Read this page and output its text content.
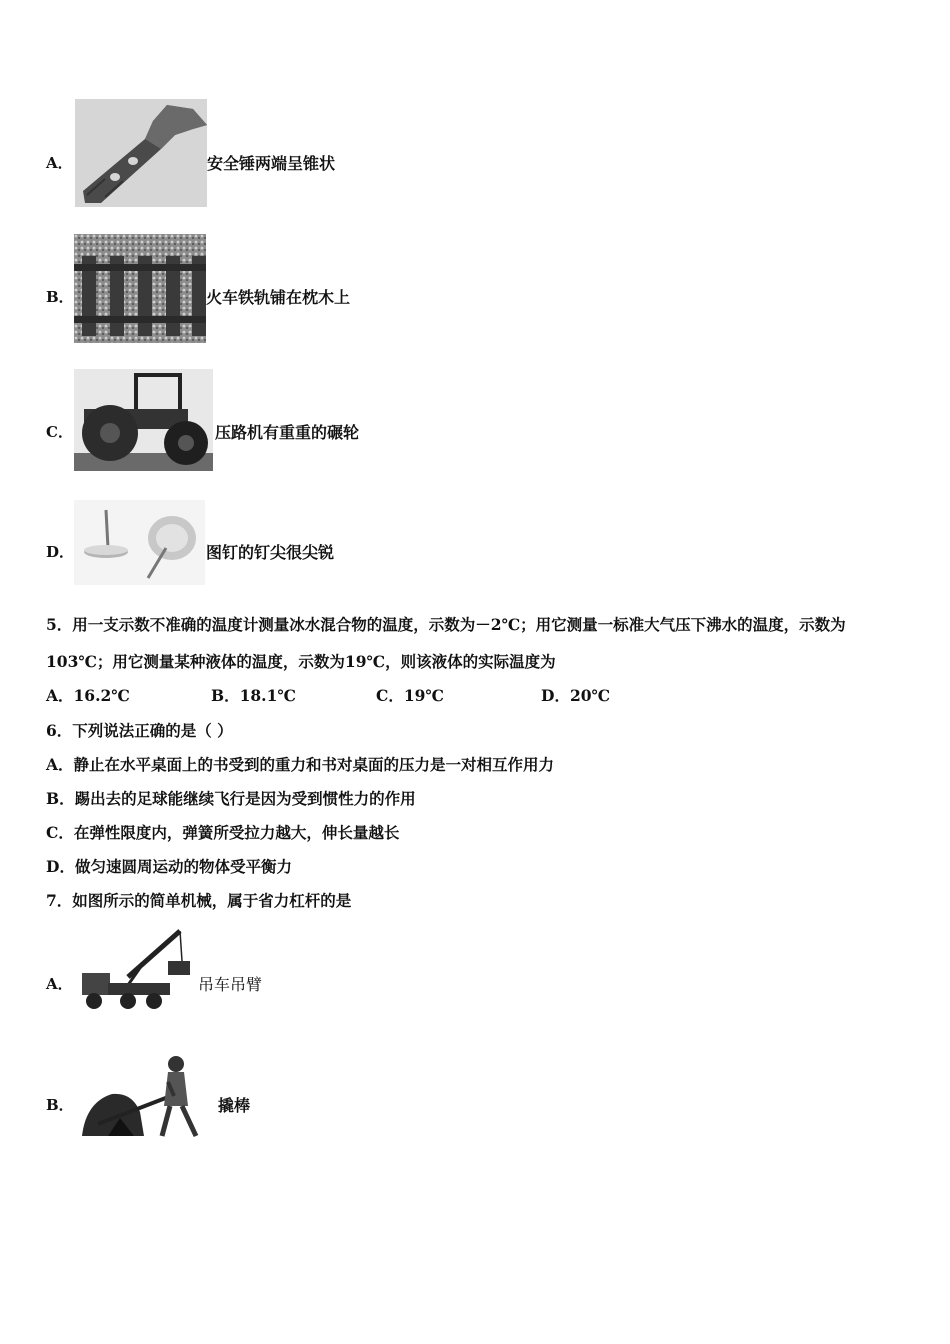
A．	安全锤两端呈锥状
B．	火车铁轨铺在枕木上
C．	压路机有重重的碾轮
D．	图钉的钉尖很尖锐
5．用一支示数不准确的温度计测量冰水混合物的温度，示数为－2℃；用它测量一标准大气压下沸水的温度，示数为
103℃；用它测量某种液体的温度，示数为19℃，则该液体的实际温度为
A．16.2℃	B．18.1℃	C．19℃	D．20℃
6．下列说法正确的是（ ）
A．静止在水平桌面上的书受到的重力和书对桌面的压力是一对相互作用力
B．踢出去的足球能继续飞行是因为受到惯性力的作用
C．在弹性限度内，弹簧所受拉力越大，伸长量越长
D．做匀速圆周运动的物体受平衡力
7．如图所示的简单机械，属于省力杠杆的是
A．	吊车吊臂
B．	撬棒
